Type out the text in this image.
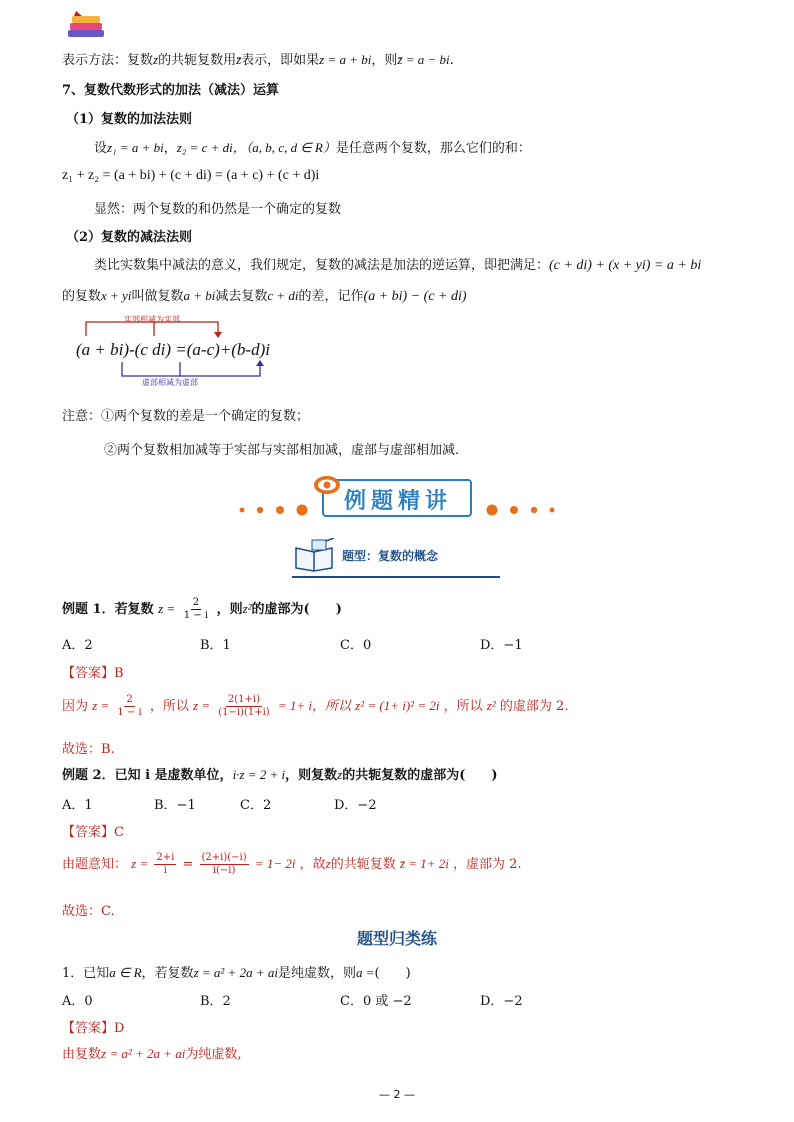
表示方法：复数z的共轭复数用z̄表示，即如果z = a + bi，则z̄ = a − bi.
7、复数代数形式的加法（减法）运算
（1）复数的加法法则
设z₁ = a + bi，z₂ = c + di，（a, b, c, d ∈ R）是任意两个复数，那么它们的和：
z₁ + z₂ = (a + bi) + (c + di) = (a + c) + (c + d)i
显然：两个复数的和仍然是一个确定的复数
（2）复数的减法法则
类比实数集中减法的意义，我们规定，复数的减法是加法的逆运算，即把满足：(c + di) + (x + yi) = a + bi
的复数x + yi叫做复数a + bi减去复数c + di的差，记作(a + bi) − (c + di)
实部相减为实部
(a + bi)-(c di) =(a-c)+(b-d)i
虚部相减为虚部
注意：①两个复数的差是一个确定的复数；
②两个复数相加减等于实部与实部相加减，虚部与虚部相加减.
例题精讲
题型：复数的概念
例题 1．若复数 $z = \frac{2}{1 - i}$ ，则z²的虚部为(　　)
A．2	B．1	C．0	D．−1
【答案】B
因为 $z = \frac{2}{1 - i}$ ，所以 $z = \frac{2(1+i)}{(1-i)(1+i)} = 1+ i$，所以 z² = (1+ i)² = 2i ，所以 z² 的虚部为 2.
故选：B.
例题 2．已知 i 是虚数单位，i·z = 2 + i，则复数z的共轭复数的虚部为(　　)
A．1	B．−1	C．2	D．−2
【答案】C
由题意知： $z = \frac{2+i}{i} = \frac{(2+i)(-i)}{i(-i)} = 1- 2i$ ，故z的共轭复数 z̄ = 1+ 2i ，虚部为 2.
故选：C.
题型归类练
1．已知a ∈ R，若复数z = a² + 2a + ai是纯虚数，则a =(　　)
A．0	B．2	C．0 或 −2	D．−2
【答案】D
由复数z = a² + 2a + ai为纯虚数,
— 2 —
